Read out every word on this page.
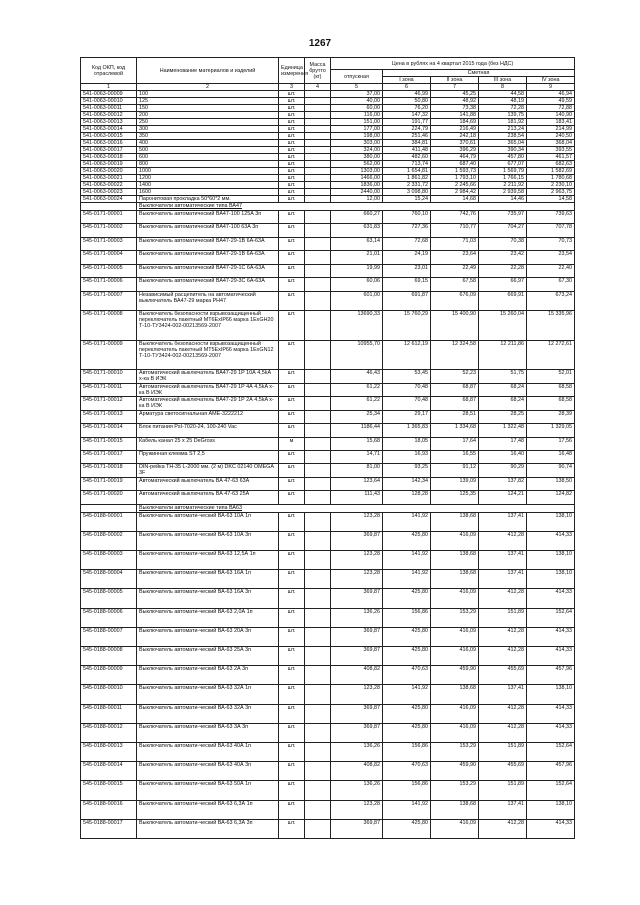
1267
Код ОКП, код отраслевой	Наименование материалов и изделий	Единица измерения	Масса брутто (кг)	Цена в рублях на 4 квартал 2015 года (без НДС)				
				отпускная	Сметная			
					I зона	II зона	III зона	IV зона
1	2	3	4	5	6	7	8	9
541-0063-00009	100	шт.		37,00	46,99	45,25	44,58	46,94
541-0063-00010	125	шт.		40,00	50,80	48,92	48,19	49,59
541-0063-00011	150	шт.		60,00	76,20	73,38	72,28	72,88
541-0063-00012	200	шт.		116,00	147,32	141,88	139,75	140,90
541-0063-00013	250	шт.		151,00	191,77	184,69	181,92	183,41
541-0063-00014	300	шт.		177,00	224,79	216,49	213,24	214,99
541-0063-00015	350	шт.		198,00	251,46	242,18	238,54	240,50
541-0063-00016	400	шт.		303,00	384,81	370,61	365,04	368,04
541-0063-00017	500	шт.		324,00	411,48	396,29	390,34	393,55
541-0063-00018	600	шт.		380,00	482,60	464,79	457,80	461,57
541-0063-00019	800	шт.		562,00	713,74	687,40	677,07	682,63
541-0063-00020	1000	шт.		1303,00	1 654,81	1 593,73	1 569,79	1 582,69
541-0063-00021	1200	шт.		1466,00	1 861,82	1 793,10	1 766,15	1 780,68
541-0063-00022	1400	шт.		1836,00	2 331,72	2 245,66	2 211,92	2 230,10
541-0063-00023	1600	шт.		2440,00	3 098,80	2 984,42	2 939,58	2 963,75
541-0063-00024	Паронитовая прокладка 50*60*2 мм.	шт.		12,00	15,24	14,68	14,46	14,58
	Выключатели автоматические типа ВА47							
545-0171-00001	Выключатель автоматический ВА47-100 125А 3п	шт.		660,27	760,10	742,76	735,97	739,63
545-0171-00002	Выключатель автоматический ВА47-100 63А 3п	шт.		631,83	727,36	710,77	704,27	707,78
545-0171-00003	Выключатель автоматический ВА47-29-1В 6А-63А	шт.		63,14	72,68	71,03	70,38	70,73
545-0171-00004	Выключатель автоматический ВА47-29-1В 6А-63А	шт.		21,01	24,19	23,64	23,42	23,54
545-0171-00005	Выключатель автоматический ВА47-29-1С 6А-63А	шт.		19,99	23,01	22,49	22,28	22,40
545-0171-00006	Выключатель автоматический ВА47-29-3С 6А-63А	шт.		60,06	69,15	67,58	66,97	67,30
545-0171-00007	Независимый расцепитель на автоматический выключатель ВА47-29 марка РН47	шт.		601,00	691,87	676,09	669,91	673,24
545-0171-00008	Выключатель безопасности взрывозащищенный переключатель пакетный МТ6ЕхIР66 марка 1ЕхGН20 Т-10-ТУ3424-002-00213569-2007	шт.		13690,33	15 760,29	15 400,90	15 260,04	15 335,96
545-0171-00009	Выключатель безопасности взрывозащищенный переключатель пакетный МТ5ЕхIР66 марка 1ЕхGN12 Т-10-ТУ3424-002-00213569-2007	шт.		10955,70	12 612,19	12 324,58	12 211,86	12 272,61
545-0171-00010	Автоматический выключатель ВА47-29 1Р 10А 4,5kA х-ка В ИЭК	шт.		46,43	53,45	52,23	51,75	52,01
545-0171-00011	Автоматический выключатель ВА47-29 1Р 4А 4,5kA х-ка В ИЭК	шт.		61,22	70,48	68,87	68,24	68,58
545-0171-00012	Автоматический выключатель ВА47-29 1Р 2А 4,5kA х-ка В ИЭК	шт.		61,22	70,48	68,87	68,24	68,58
545-0171-00013	Арматура светосигнальная AME-3222212	шт.		25,34	29,17	28,51	28,25	28,39
545-0171-00014	Блок питания PsI-7020-24, 100-240 Vac	шт.		1186,44	1 365,83	1 334,68	1 322,48	1 329,05
545-0171-00015	Кабель канал 25 х 25 DeGross	м		15,68	18,05	17,64	17,48	17,56
545-0171-00017	Пружинная клемма ST 2,5	шт.		14,71	16,93	16,55	16,40	16,48
545-0171-00018	DIN-рейка ТН-35 L-2000 мм. (2 м) DKC 02140 OMEGA 3F	шт.		81,00	93,25	91,12	90,29	90,74
545-0171-00019	Автоматический выключатель ВА 47-63 63А	шт.		123,64	142,34	139,09	137,82	138,50
545-0171-00020	Автоматический выключатель ВА 47-63 25А	шт.		111,43	128,28	125,35	124,21	124,82
	Выключатели автоматические типа ВА63							
545-0188-00001	Выключатель автомати-ческий ВА-63 10А 1п	шт.		123,28	141,92	138,68	137,41	138,10
545-0188-00002	Выключатель автомати-ческий ВА-63 10А 3п	шт.		369,87	425,80	416,09	412,28	414,33
545-0188-00003	Выключатель автомати-ческий ВА-63 12,5А 1п	шт.		123,28	141,92	138,68	137,41	138,10
545-0188-00004	Выключатель автомати-ческий ВА-63 16А 1п	шт.		123,28	141,92	138,68	137,41	138,10
545-0188-00005	Выключатель автомати-ческий ВА-63 16А 3п	шт.		369,87	425,80	416,09	412,28	414,33
545-0188-00006	Выключатель автомати-ческий ВА-63 2,0А 1п	шт.		136,26	156,86	153,29	151,89	152,64
545-0188-00007	Выключатель автомати-ческий ВА-63 20А 3п	шт.		369,87	425,80	416,09	412,28	414,33
545-0188-00008	Выключатель автомати-ческий ВА-63 25А 3п	шт.		369,87	425,80	416,09	412,28	414,33
545-0188-00009	Выключатель автомати-ческий ВА-63 2А 3п	шт.		408,82	470,63	459,90	455,69	457,96
545-0188-00010	Выключатель автомати-ческий ВА-63 32А 1п	шт.		123,28	141,92	138,68	137,41	138,10
545-0188-00011	Выключатель автомати-ческий ВА-63 32А 3п	шт.		369,87	425,80	416,09	412,28	414,33
545-0188-00012	Выключатель автомати-ческий ВА-63 3А 3п	шт.		369,87	425,80	416,09	412,28	414,33
545-0188-00013	Выключатель автомати-ческий ВА-63 40А 1п	шт.		136,26	156,86	153,29	151,89	152,64
545-0188-00014	Выключатель автомати-ческий ВА-63 40А 3п	шт.		408,82	470,63	459,90	455,69	457,96
545-0188-00015	Выключатель автомати-ческий ВА-63 50А 1п	шт.		136,26	156,86	153,29	151,89	152,64
545-0188-00016	Выключатель автомати-ческий ВА-63 6,3А 1п	шт.		123,28	141,92	138,68	137,41	138,10
545-0188-00017	Выключатель автомати-ческий ВА-63 6,3А 3п	шт.		369,87	425,80	416,09	412,28	414,33
